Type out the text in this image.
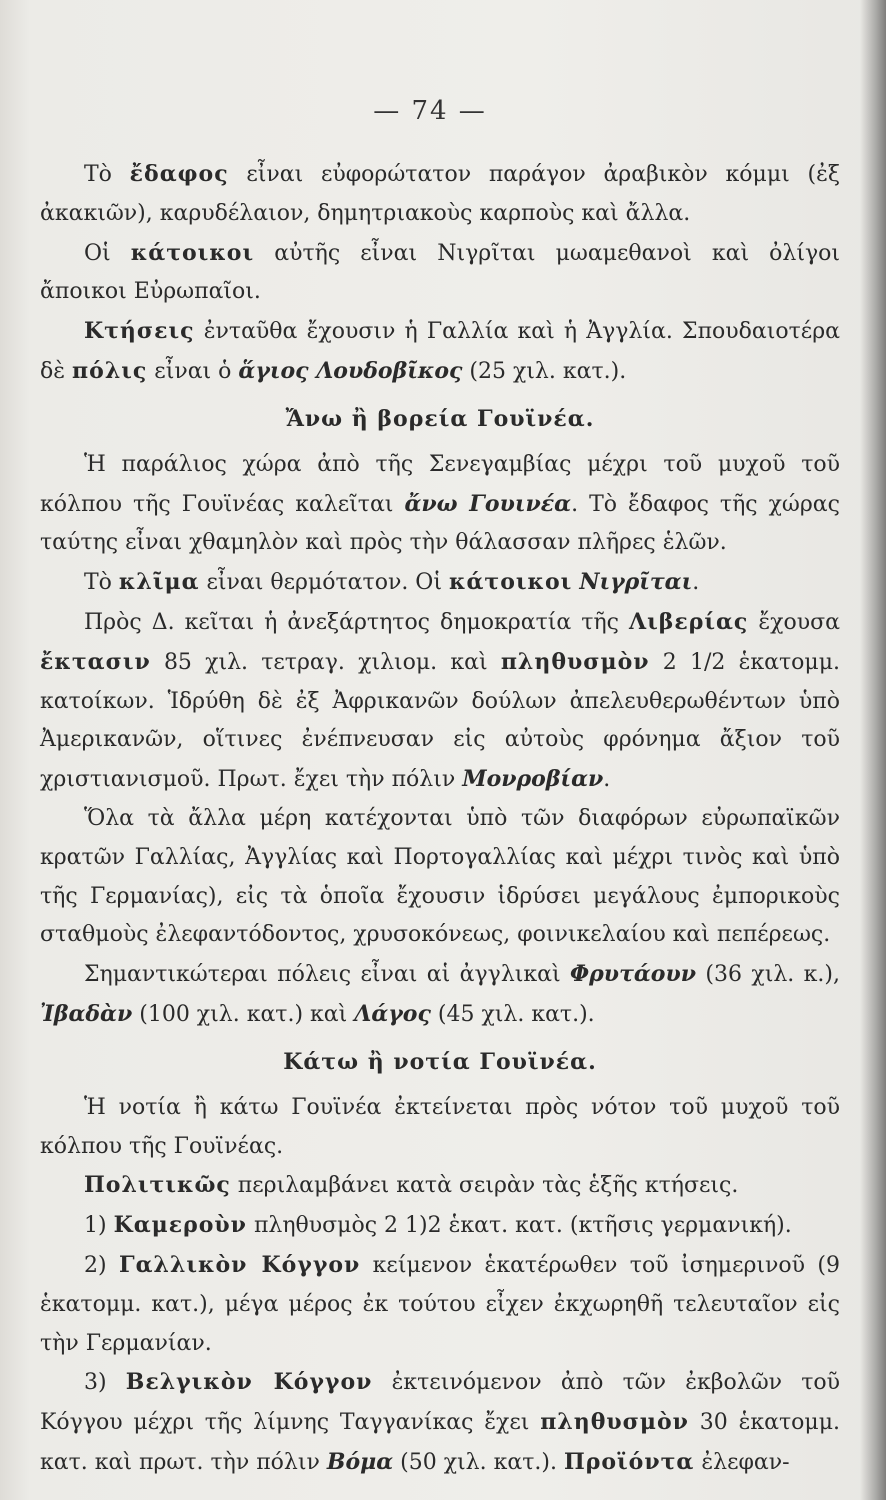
— 74 —

Τὸ ἔδαφος εἶναι εὐφορώτατον παράγον ἀραβικὸν κόμμι (ἐξ ἀκακιῶν), καρυδέλαιον, δημητριακοὺς καρποὺς καὶ ἄλλα.

Οἱ κάτοικοι αὐτῆς εἶναι Νιγρῖται μωαμεθανοὶ καὶ ὀλίγοι ἄποικοι Εὐρωπαῖοι.

Κτήσεις ἐνταῦθα ἔχουσιν ἡ Γαλλία καὶ ἡ Ἀγγλία. Σπουδαιοτέρα δὲ πόλις εἶναι ὁ ἅγιος Λουδοβῖκος (25 χιλ. κατ.).

Ἄνω ἢ βορεία Γουϊνέα.

Ἡ παράλιος χώρα ἀπὸ τῆς Σενεγαμβίας μέχρι τοῦ μυχοῦ τοῦ κόλπου τῆς Γουϊνέας καλεῖται ἄνω Γουινέα. Τὸ ἔδαφος τῆς χώρας ταύτης εἶναι χθαμηλὸν καὶ πρὸς τὴν θάλασσαν πλῆρες ἑλῶν.

Τὸ κλῖμα εἶναι θερμότατον. Οἱ κάτοικοι Νιγρῖται.

Πρὸς Δ. κεῖται ἡ ἀνεξάρτητος δημοκρατία τῆς Λιβερίας ἔχουσα ἔκτασιν 85 χιλ. τετραγ. χιλιομ. καὶ πληθυσμὸν 2 1/2 ἑκατομμ. κατοίκων. Ἱδρύθη δὲ ἐξ Ἀφρικανῶν δούλων ἀπελευθερωθέντων ὑπὸ Ἀμερικανῶν, οἵτινες ἐνέπνευσαν εἰς αὐτοὺς φρόνημα ἄξιον τοῦ χριστιανισμοῦ. Πρωτ. ἔχει τὴν πόλιν Μονροβίαν.

Ὅλα τὰ ἄλλα μέρη κατέχονται ὑπὸ τῶν διαφόρων εὐρωπαϊκῶν κρατῶν Γαλλίας, Ἀγγλίας καὶ Πορτογαλλίας καὶ μέχρι τινὸς καὶ ὑπὸ τῆς Γερμανίας), εἰς τὰ ὁποῖα ἔχουσιν ἱδρύσει μεγάλους ἐμπορικοὺς σταθμοὺς ἐλεφαντόδοντος, χρυσοκόνεως, φοινικελαίου καὶ πεπέρεως.

Σημαντικώτεραι πόλεις εἶναι αἱ ἀγγλικαὶ Φρυτάουν (36 χιλ. κ.), Ἰβαδὰν (100 χιλ. κατ.) καὶ Λάγος (45 χιλ. κατ.).

Κάτω ἢ νοτία Γουϊνέα.

Ἡ νοτία ἢ κάτω Γουϊνέα ἐκτείνεται πρὸς νότον τοῦ μυχοῦ τοῦ κόλπου τῆς Γουϊνέας.

Πολιτικῶς περιλαμβάνει κατὰ σειρὰν τὰς ἑξῆς κτήσεις.

1) Καμεροὺν πληθυσμὸς 2 1)2 ἑκατ. κατ. (κτῆσις γερμανική).

2) Γαλλικὸν Κόγγον κείμενον ἑκατέρωθεν τοῦ ἰσημερινοῦ (9 ἑκατομμ. κατ.), μέγα μέρος ἐκ τούτου εἶχεν ἐκχωρηθῆ τελευταῖον εἰς τὴν Γερμανίαν.

3) Βελγικὸν Κόγγον ἐκτεινόμενον ἀπὸ τῶν ἐκβολῶν τοῦ Κόγγου μέχρι τῆς λίμνης Ταγγανίκας ἔχει πληθυσμὸν 30 ἑκατομμ. κατ. καὶ πρωτ. τὴν πόλιν Βόμα (50 χιλ. κατ.). Προϊόντα ἐλεφαν-
